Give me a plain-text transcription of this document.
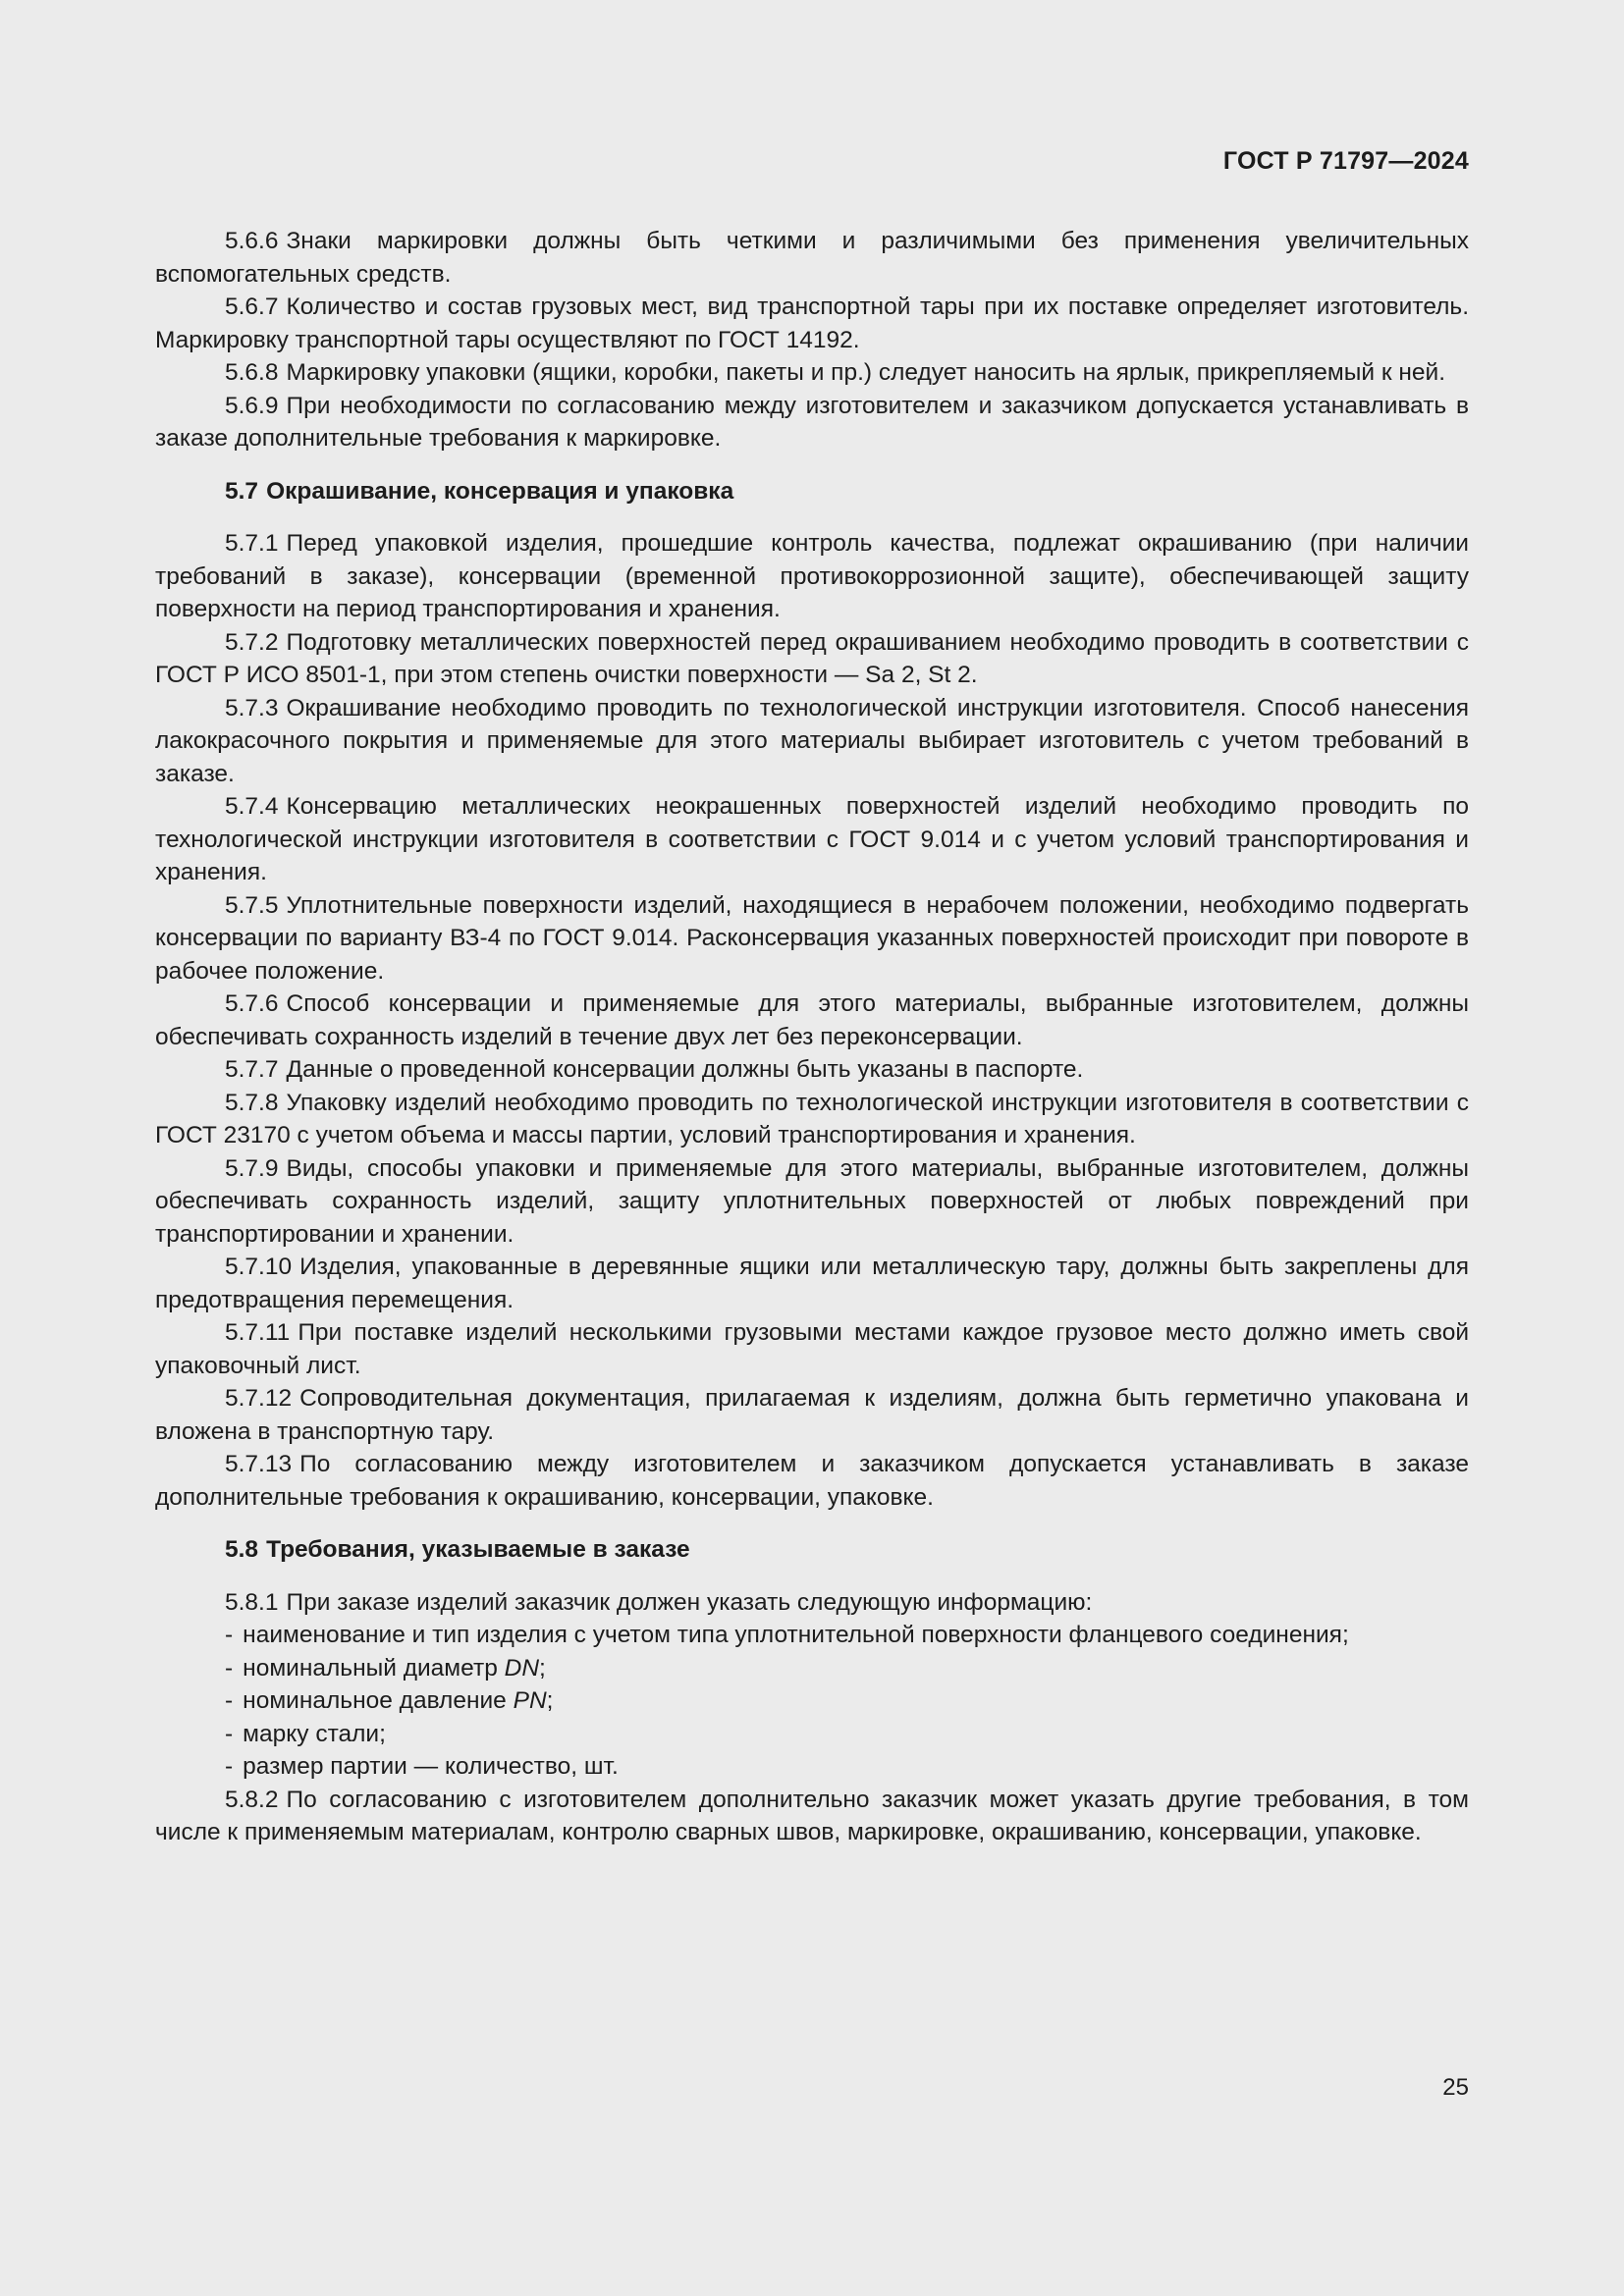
ГОСТ Р 71797—2024

5.6.6 Знаки маркировки должны быть четкими и различимыми без применения увеличительных вспомогательных средств.

5.6.7 Количество и состав грузовых мест, вид транспортной тары при их поставке определяет изготовитель. Маркировку транспортной тары осуществляют по ГОСТ 14192.

5.6.8 Маркировку упаковки (ящики, коробки, пакеты и пр.) следует наносить на ярлык, прикрепляемый к ней.

5.6.9 При необходимости по согласованию между изготовителем и заказчиком допускается устанавливать в заказе дополнительные требования к маркировке.

5.7 Окрашивание, консервация и упаковка

5.7.1 Перед упаковкой изделия, прошедшие контроль качества, подлежат окрашиванию (при наличии требований в заказе), консервации (временной противокоррозионной защите), обеспечивающей защиту поверхности на период транспортирования и хранения.

5.7.2 Подготовку металлических поверхностей перед окрашиванием необходимо проводить в соответствии с ГОСТ Р ИСО 8501-1, при этом степень очистки поверхности — Sa 2, St 2.

5.7.3 Окрашивание необходимо проводить по технологической инструкции изготовителя. Способ нанесения лакокрасочного покрытия и применяемые для этого материалы выбирает изготовитель с учетом требований в заказе.

5.7.4 Консервацию металлических неокрашенных поверхностей изделий необходимо проводить по технологической инструкции изготовителя в соответствии с ГОСТ 9.014 и с учетом условий транспортирования и хранения.

5.7.5 Уплотнительные поверхности изделий, находящиеся в нерабочем положении, необходимо подвергать консервации по варианту ВЗ-4 по ГОСТ 9.014. Расконсервация указанных поверхностей происходит при повороте в рабочее положение.

5.7.6 Способ консервации и применяемые для этого материалы, выбранные изготовителем, должны обеспечивать сохранность изделий в течение двух лет без переконсервации.

5.7.7 Данные о проведенной консервации должны быть указаны в паспорте.

5.7.8 Упаковку изделий необходимо проводить по технологической инструкции изготовителя в соответствии с ГОСТ 23170 с учетом объема и массы партии, условий транспортирования и хранения.

5.7.9 Виды, способы упаковки и применяемые для этого материалы, выбранные изготовителем, должны обеспечивать сохранность изделий, защиту уплотнительных поверхностей от любых повреждений при транспортировании и хранении.

5.7.10 Изделия, упакованные в деревянные ящики или металлическую тару, должны быть закреплены для предотвращения перемещения.

5.7.11 При поставке изделий несколькими грузовыми местами каждое грузовое место должно иметь свой упаковочный лист.

5.7.12 Сопроводительная документация, прилагаемая к изделиям, должна быть герметично упакована и вложена в транспортную тару.

5.7.13 По согласованию между изготовителем и заказчиком допускается устанавливать в заказе дополнительные требования к окрашиванию, консервации, упаковке.

5.8 Требования, указываемые в заказе

5.8.1 При заказе изделий заказчик должен указать следующую информацию:

- наименование и тип изделия с учетом типа уплотнительной поверхности фланцевого соединения;

- номинальный диаметр DN;

- номинальное давление PN;

- марку стали;

- размер партии — количество, шт.

5.8.2 По согласованию с изготовителем дополнительно заказчик может указать другие требования, в том числе к применяемым материалам, контролю сварных швов, маркировке, окрашиванию, консервации, упаковке.

25
